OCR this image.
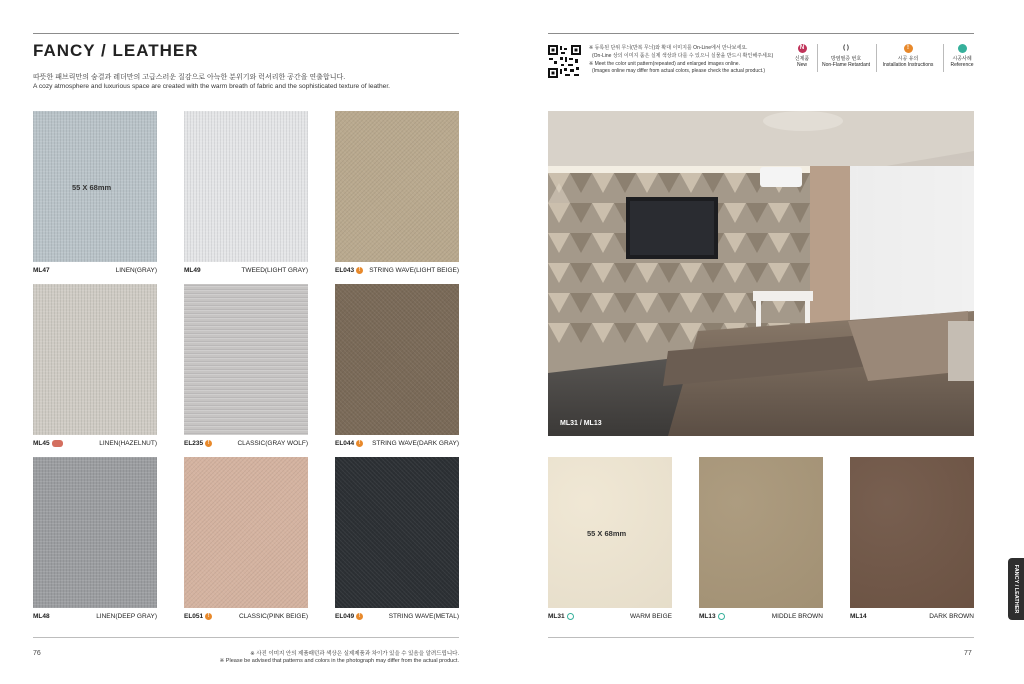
FANCY / LEATHER
따뜻한 패브릭만의 숨결과 레더만의 고급스러운 질감으로 아늑한 분위기와 럭셔리한 공간을 연출합니다.
A cozy atmosphere and luxurious space are created with the warm breath of fabric and the sophisticated texture of leather.
55 X 68mm
ML47	LINEN(GRAY)	ML49	TWEED(LIGHT GRAY)	EL043 !	STRING WAVE(LIGHT BEIGE)
ML45	LINEN(HAZELNUT)	EL235 !	CLASSIC(GRAY WOLF)	EL044 !	STRING WAVE(DARK GRAY)
ML48	LINEN(DEEP GRAY)	EL051 !	CLASSIC(PINK BEIGE)	EL049 !	STRING WAVE(METAL)
76	※ 사진 이미지 안의 제품패턴과 색상은 실제제품과 차이가 있을 수 있음을 알려드립니다.
※ Please be advised that patterns and colors in the photograph may differ from the actual product.
※ 등록된 단위 무늬(반복 무늬)와 확대 이미지를 On-Line에서 만나보세요.
(On-Line 상의 이미지 품은 실제 색상과 다를 수 있으니 실물을 반드시 확인해주세요)
※ Meet the color unit pattern(repeated) and enlarged images online.
(Images online may differ from actual colors, please check the actual product.)
N
신제품
New
( )
방염필증 번호
Non-Flame Retardant
!
시공 유의
Installation Instructions
시공사례
Reference
ML31 / ML13
55 X 68mm
ML31	WARM BEIGE	ML13	MIDDLE BROWN	ML14	DARK BROWN
77
FANCY / LEATHER
